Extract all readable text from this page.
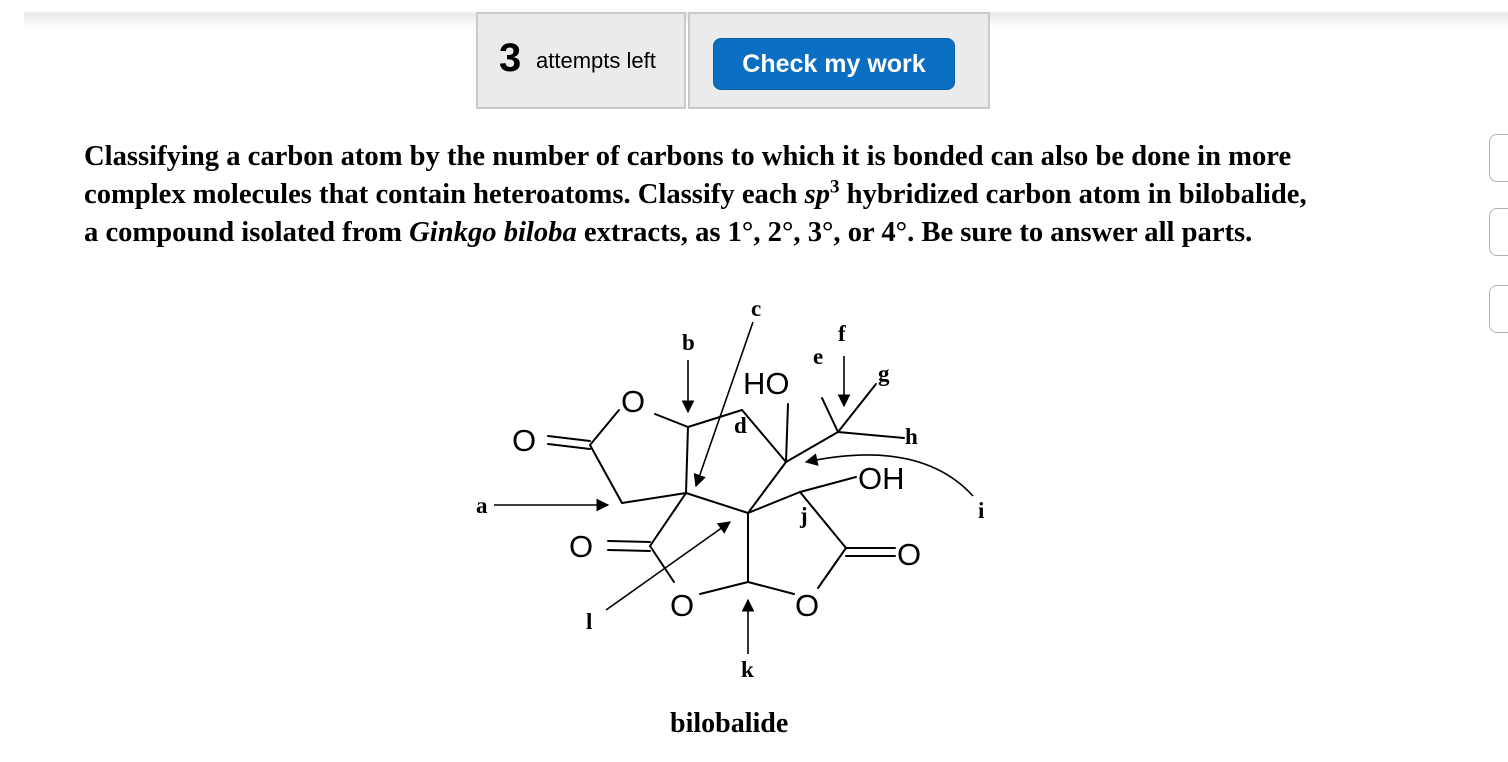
3 attempts left	Check my work

Classifying a carbon atom by the number of carbons to which it is bonded can also be done in more
complex molecules that contain heteroatoms. Classify each $sp^3$ hybridized carbon atom in bilobalide,
a compound isolated from Ginkgo biloba extracts, as 1°, 2°, 3°, or 4°. Be sure to answer all parts.

O
O
HO
OH
O
O	O
O
a
b
c
d
e
f
g
h
i
j
k
l
bilobalide
